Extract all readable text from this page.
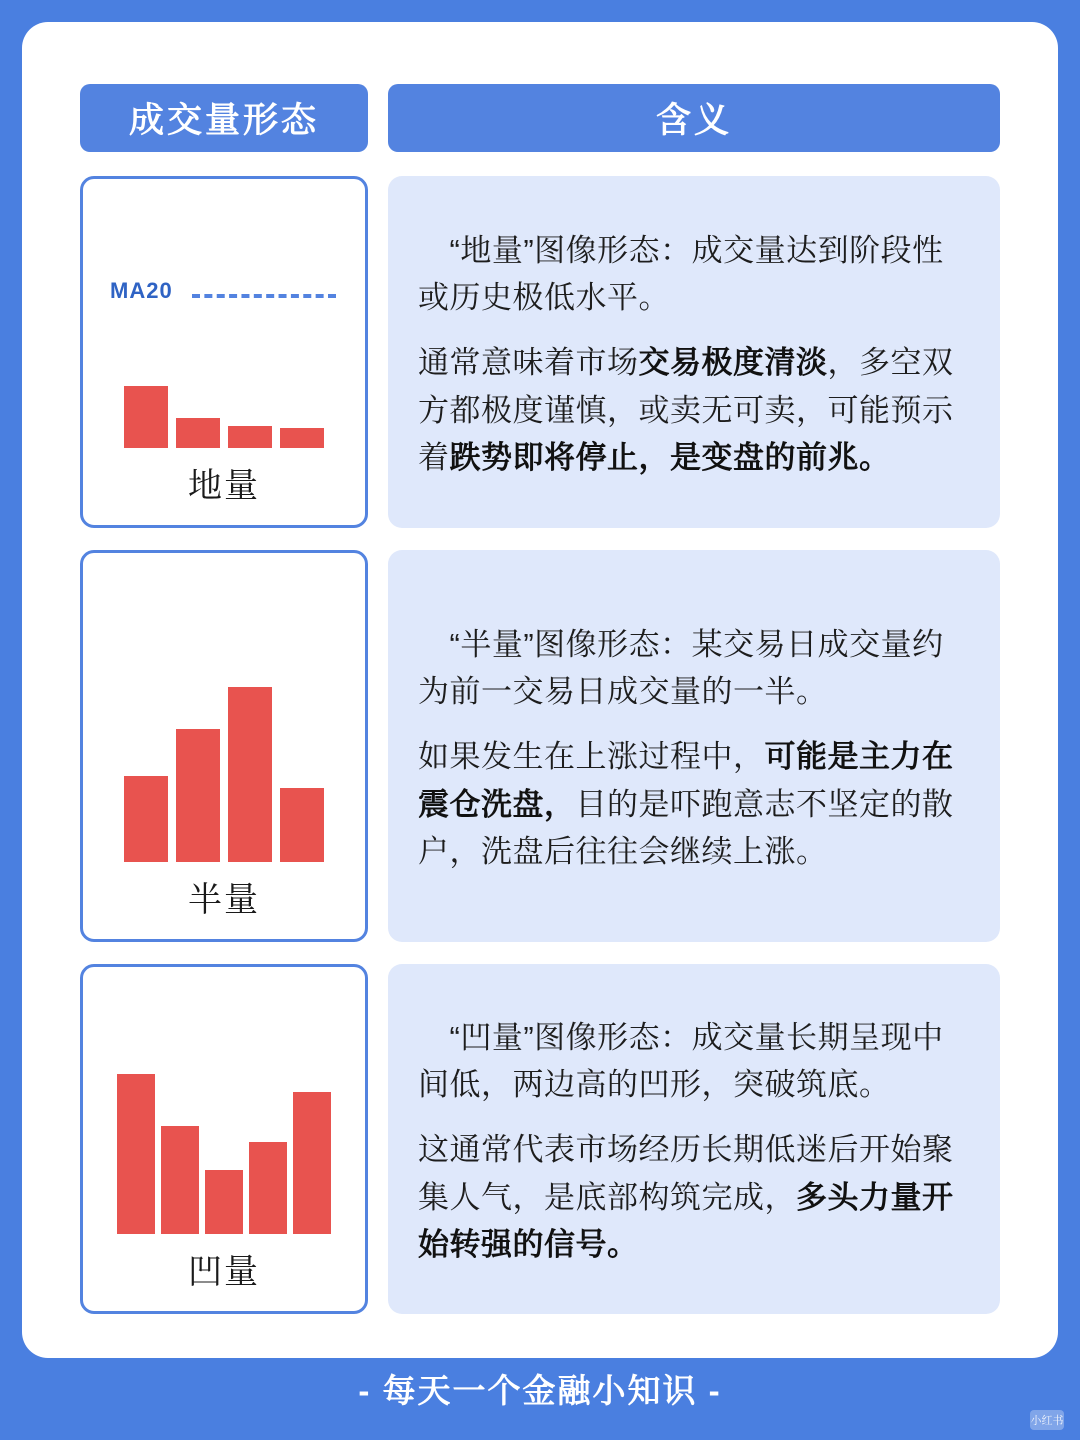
成交量形态	含义
MA20
地量

　“地量”图像形态：成交量达到阶段性或历史极低水平。

通常意味着市场交易极度清淡，多空双方都极度谨慎，或卖无可卖，可能预示着跌势即将停止，是变盘的前兆。

半量

　“半量”图像形态：某交易日成交量约为前一交易日成交量的一半。

如果发生在上涨过程中，可能是主力在震仓洗盘，目的是吓跑意志不坚定的散户，洗盘后往往会继续上涨。

凹量

　“凹量”图像形态：成交量长期呈现中间低，两边高的凹形，突破筑底。

这通常代表市场经历长期低迷后开始聚集人气，是底部构筑完成，多头力量开始转强的信号。

- 每天一个金融小知识 -
小红书
